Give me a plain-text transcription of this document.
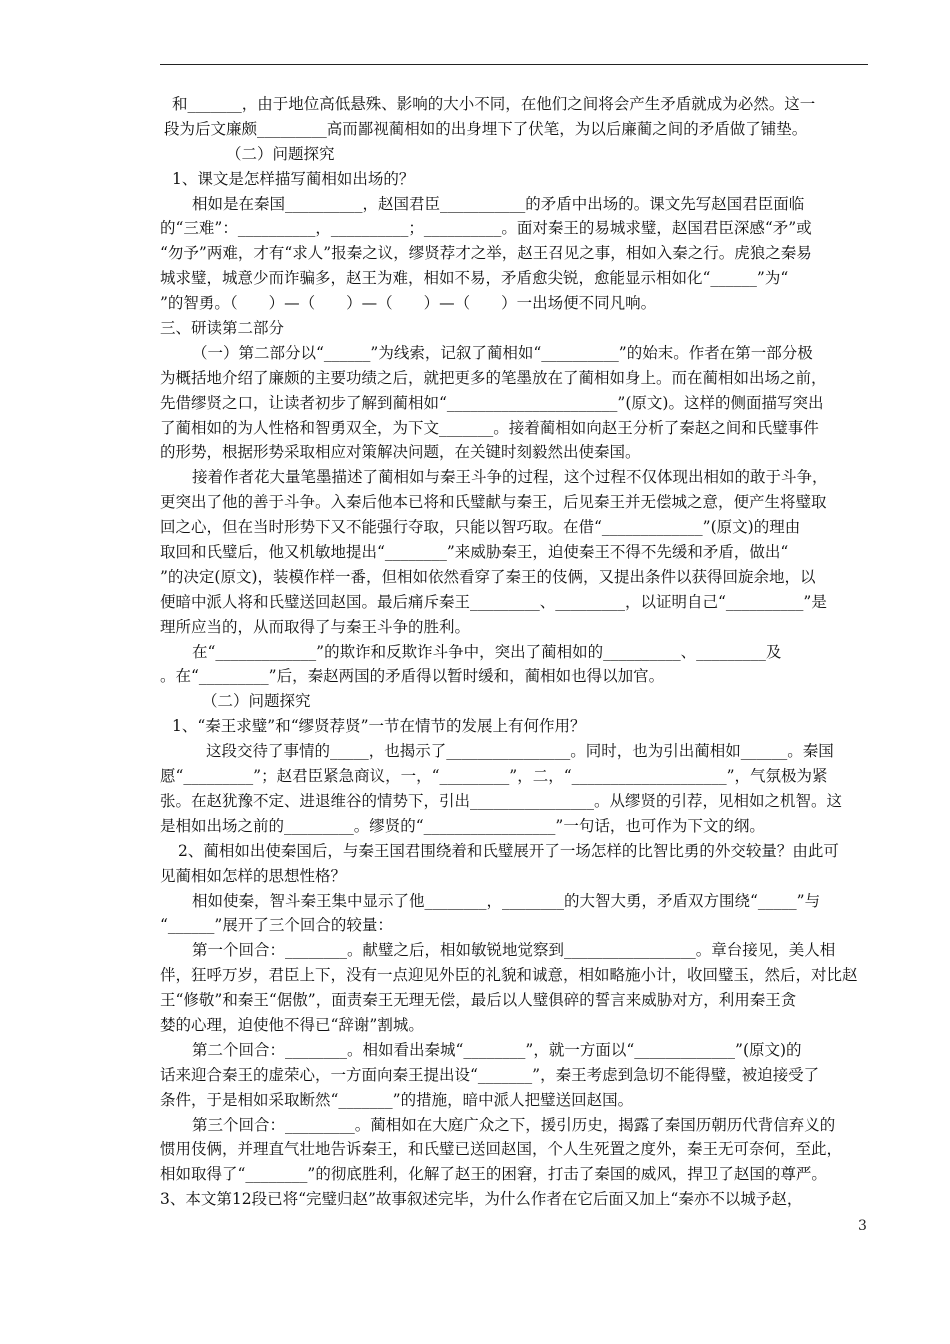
和_______，由于地位高低悬殊、影响的大小不同，在他们之间将会产生矛盾就成为必然。这一
段为后文廉颇_________高而鄙视蔺相如的出身埋下了伏笔，为以后廉蔺之间的矛盾做了铺垫。
（二）问题探究
1、课文是怎样描写蔺相如出场的？
相如是在秦国__________，赵国君臣___________的矛盾中出场的。课文先写赵国君臣面临
的“三难”：__________，__________；__________。面对秦王的易城求璧，赵国君臣深感“矛”或
“勿予”两难，才有“求人”报秦之议，缪贤荐才之举，赵王召见之事，相如入秦之行。虎狼之秦易
城求璧，城意少而诈骗多，赵王为难，相如不易，矛盾愈尖锐，愈能显示相如化“______”为“
”的智勇。（　　）—（　　）—（　　）—（　　）一出场便不同凡响。
三、研读第二部分
（一）第二部分以“______”为线索，记叙了蔺相如“__________”的始末。作者在第一部分极
为概括地介绍了廉颇的主要功绩之后，就把更多的笔墨放在了蔺相如身上。而在蔺相如出场之前，
先借缪贤之口，让读者初步了解到蔺相如“______________________”(原文)。这样的侧面描写突出
了蔺相如的为人性格和智勇双全，为下文_______。接着蔺相如向赵王分析了秦赵之间和氏璧事件
的形势，根据形势采取相应对策解决问题，在关键时刻毅然出使秦国。
接着作者花大量笔墨描述了蔺相如与秦王斗争的过程，这个过程不仅体现出相如的敢于斗争，
更突出了他的善于斗争。入秦后他本已将和氏璧献与秦王，后见秦王并无偿城之意，便产生将璧取
回之心，但在当时形势下又不能强行夺取，只能以智巧取。在借“_____________”(原文)的理由
取回和氏璧后，他又机敏地提出“________”来威胁秦王，迫使秦王不得不先缓和矛盾，做出“
”的决定(原文)，装模作样一番，但相如依然看穿了秦王的伎俩，又提出条件以获得回旋余地，以
便暗中派人将和氏璧送回赵国。最后痛斥秦王_________、_________，以证明自己“__________”是
理所应当的，从而取得了与秦王斗争的胜利。
在“_____________”的欺诈和反欺诈斗争中，突出了蔺相如的__________、_________及
。在“_________”后，秦赵两国的矛盾得以暂时缓和，蔺相如也得以加官。
（二）问题探究
1、“秦王求璧”和“缪贤荐贤”一节在情节的发展上有何作用？
这段交待了事情的_____，也揭示了________________。同时，也为引出蔺相如______。秦国
愿“_________”；赵君臣紧急商议，一，“_________”，二，“____________________”，气氛极为紧
张。在赵犹豫不定、进退维谷的情势下，引出________________。从缪贤的引荐，见相如之机智。这
是相如出场之前的_________。缪贤的“_________________”一句话，也可作为下文的纲。
2、蔺相如出使秦国后，与秦王国君围绕着和氏璧展开了一场怎样的比智比勇的外交较量？由此可
见蔺相如怎样的思想性格？
相如使秦，智斗秦王集中显示了他________，________的大智大勇，矛盾双方围绕“_____”与
“______”展开了三个回合的较量：
第一个回合：________。献璧之后，相如敏锐地觉察到_________________。章台接见，美人相
伴，狂呼万岁，君臣上下，没有一点迎见外臣的礼貌和诚意，相如略施小计，收回璧玉，然后，对比赵
王“修敬”和秦王“倨傲”，面责秦王无理无偿，最后以人璧俱碎的誓言来威胁对方，利用秦王贪
婪的心理，迫使他不得已“辞谢”割城。
第二个回合：________。相如看出秦城“________”，就一方面以“_____________”(原文)的
话来迎合秦王的虚荣心，一方面向秦王提出设“_______”，秦王考虑到急切不能得璧，被迫接受了
条件，于是相如采取断然“_______”的措施，暗中派人把璧送回赵国。
第三个回合：_________。蔺相如在大庭广众之下，援引历史，揭露了秦国历朝历代背信弃义的
惯用伎俩，并理直气壮地告诉秦王，和氏璧已送回赵国，个人生死置之度外，秦王无可奈何，至此，
相如取得了“________”的彻底胜利，化解了赵王的困窘，打击了秦国的威风，捍卫了赵国的尊严。
3、本文第12段已将“完璧归赵”故事叙述完毕，为什么作者在它后面又加上“秦亦不以城予赵，
3
